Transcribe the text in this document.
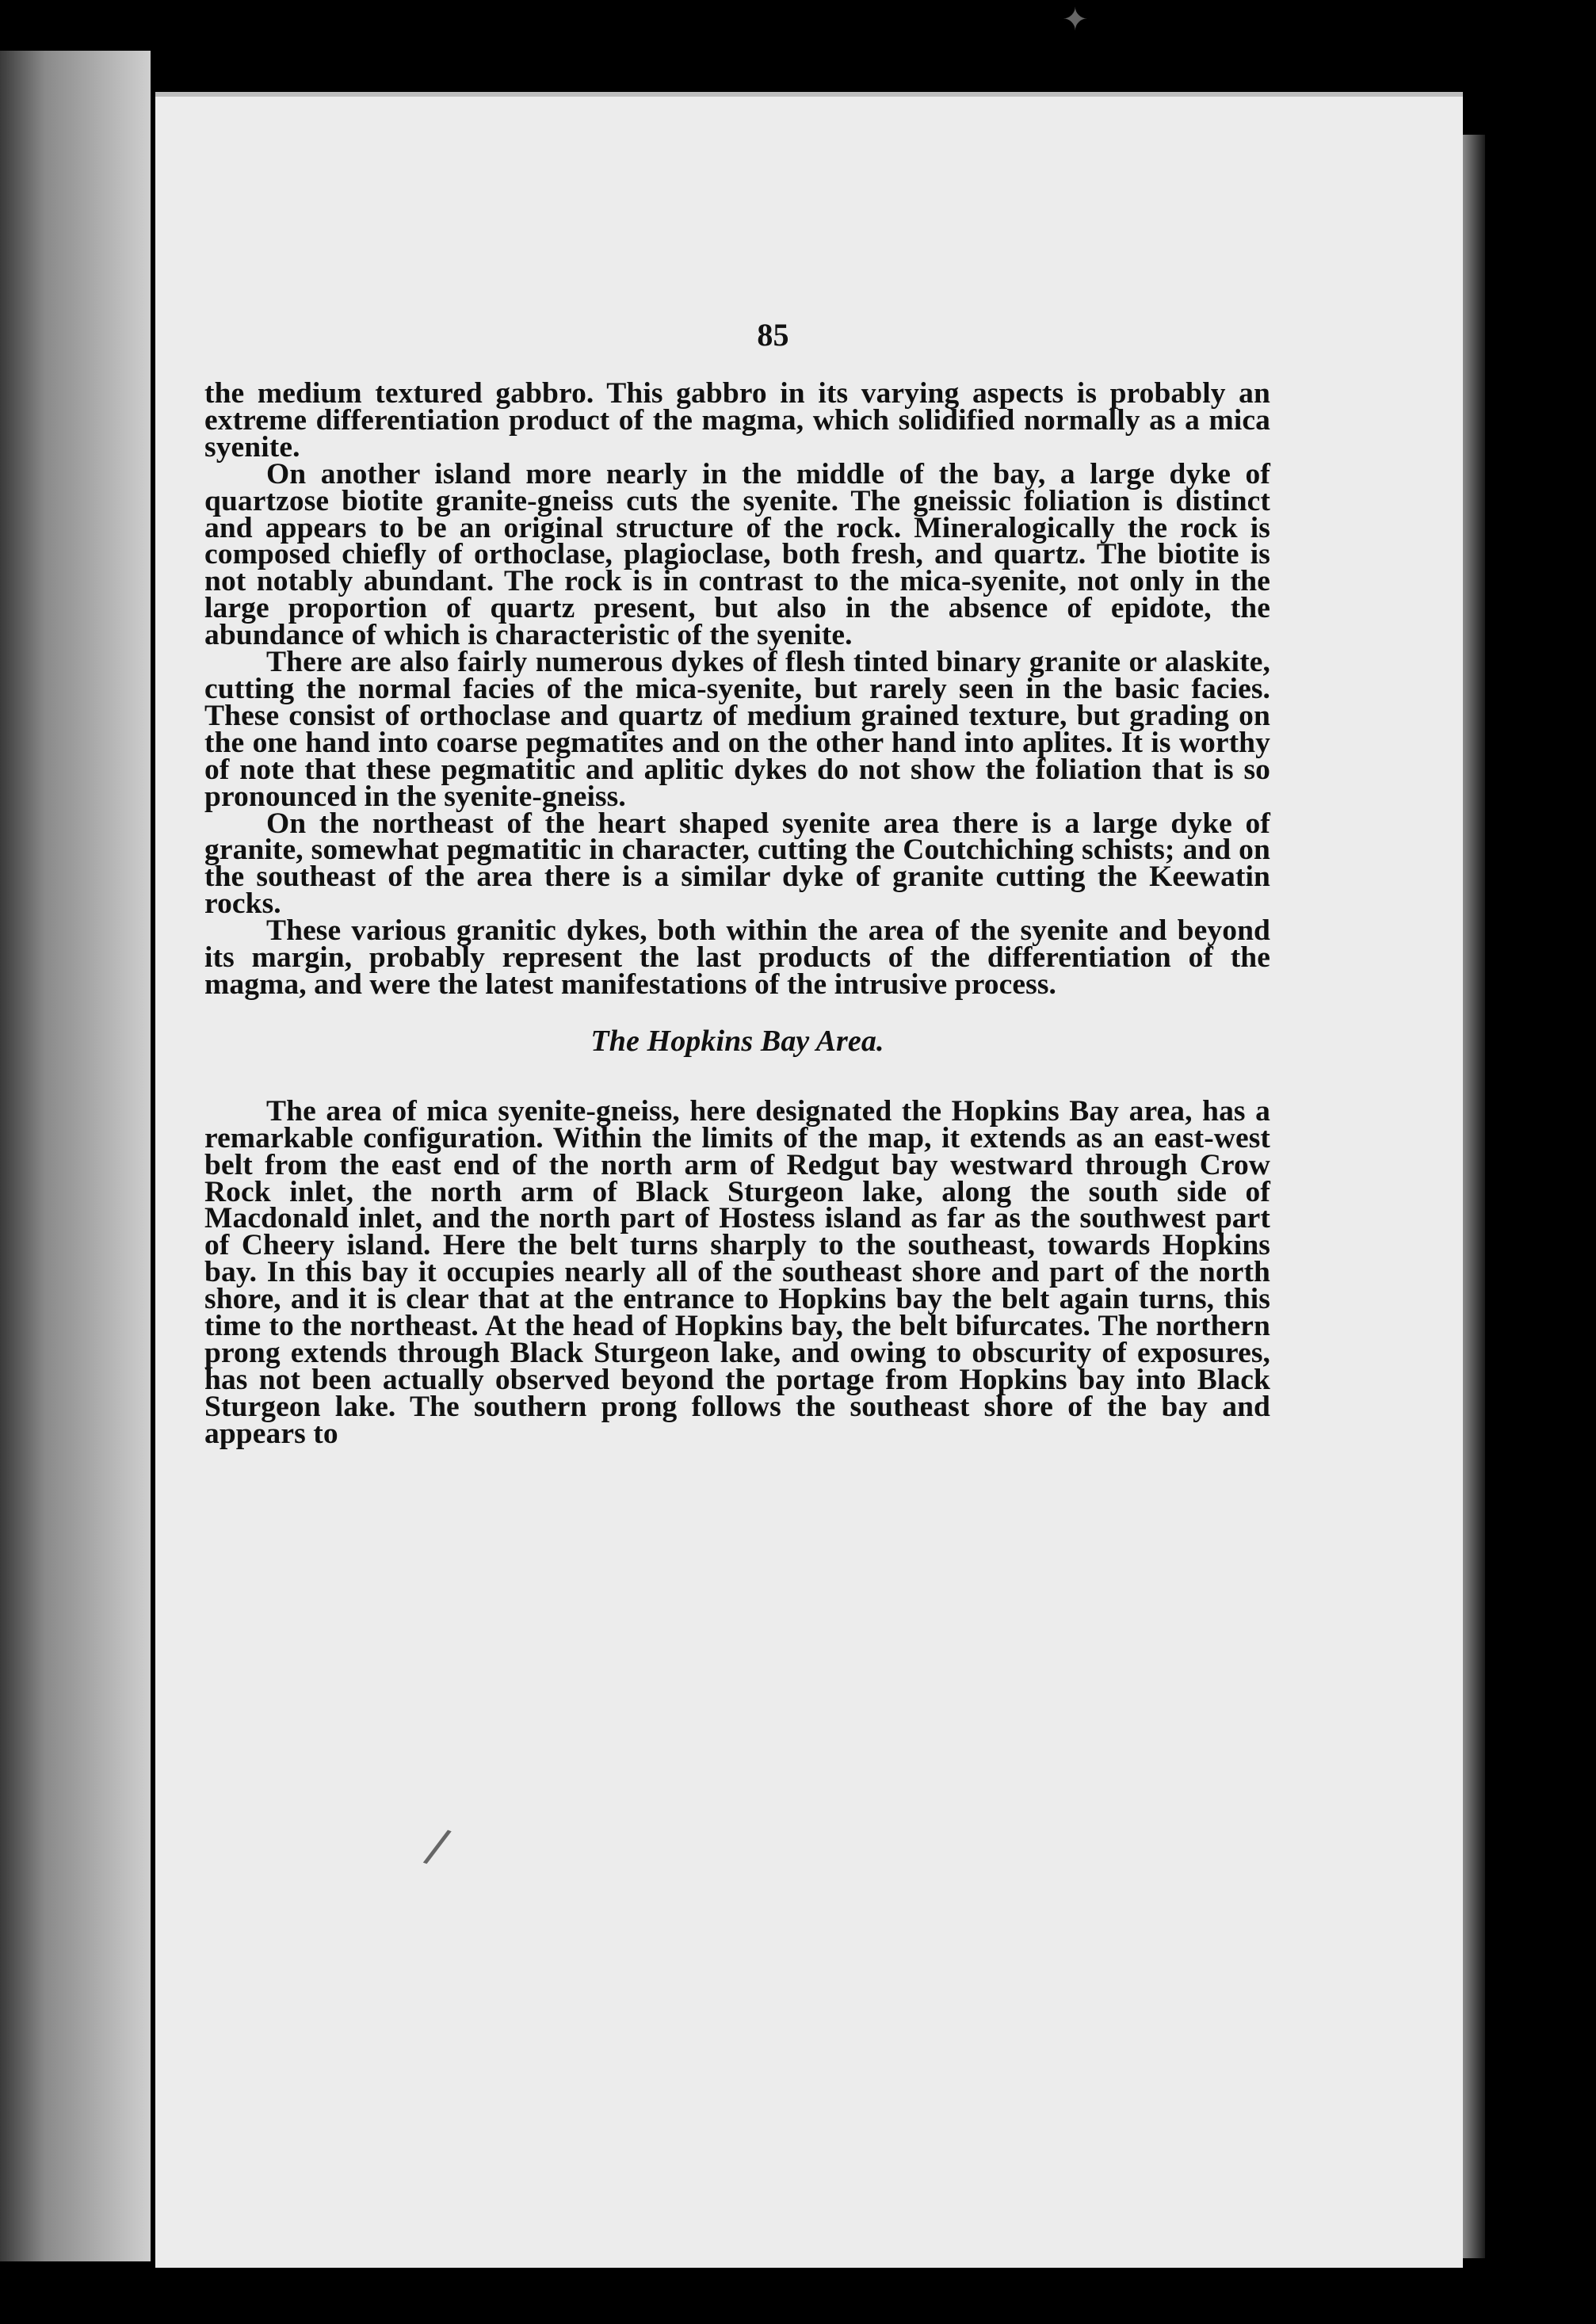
✦
/
85

the medium textured gabbro. This gabbro in its varying aspects is probably an extreme differentiation product of the magma, which solidified normally as a mica syenite.

On another island more nearly in the middle of the bay, a large dyke of quartzose biotite granite-gneiss cuts the syenite. The gneissic foliation is distinct and appears to be an original structure of the rock. Mineralogically the rock is composed chiefly of orthoclase, plagioclase, both fresh, and quartz. The biotite is not notably abundant. The rock is in contrast to the mica-syenite, not only in the large proportion of quartz present, but also in the absence of epidote, the abundance of which is characteristic of the syenite.

There are also fairly numerous dykes of flesh tinted binary granite or alaskite, cutting the normal facies of the mica-syenite, but rarely seen in the basic facies. These consist of orthoclase and quartz of medium grained texture, but grading on the one hand into coarse pegmatites and on the other hand into aplites. It is worthy of note that these pegmatitic and aplitic dykes do not show the foliation that is so pronounced in the syenite-gneiss.

On the northeast of the heart shaped syenite area there is a large dyke of granite, somewhat pegmatitic in character, cutting the Coutchiching schists; and on the southeast of the area there is a similar dyke of granite cutting the Keewatin rocks.

These various granitic dykes, both within the area of the syenite and beyond its margin, probably represent the last products of the differentiation of the magma, and were the latest manifestations of the intrusive process.

The Hopkins Bay Area.

The area of mica syenite-gneiss, here designated the Hopkins Bay area, has a remarkable configuration. Within the limits of the map, it extends as an east-west belt from the east end of the north arm of Redgut bay westward through Crow Rock inlet, the north arm of Black Sturgeon lake, along the south side of Macdonald inlet, and the north part of Hostess island as far as the southwest part of Cheery island. Here the belt turns sharply to the southeast, towards Hopkins bay. In this bay it occupies nearly all of the southeast shore and part of the north shore, and it is clear that at the entrance to Hopkins bay the belt again turns, this time to the northeast. At the head of Hopkins bay, the belt bifurcates. The northern prong extends through Black Sturgeon lake, and owing to obscurity of exposures, has not been actually observed beyond the portage from Hopkins bay into Black Sturgeon lake. The southern prong follows the southeast shore of the bay and appears to
